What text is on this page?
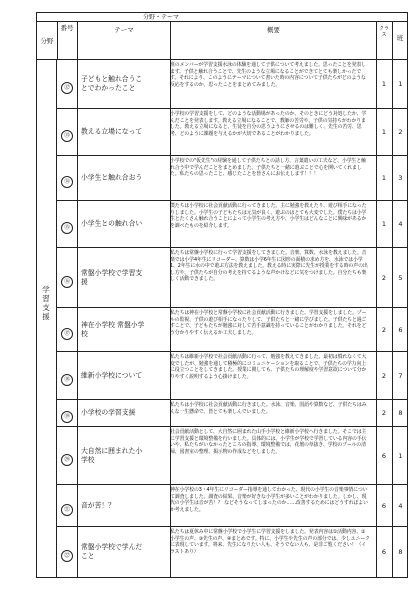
分野・テーマ
分野
番号	テーマ	概要	クラス	班
学習支援
⑫
子どもと触れ合うことでわかったこと
班のメンバーが学習支援水泳の体験を通して子供について考えました。思ったことを発表します。子供と触れ合うことで、先生のような立場になることができてとても楽しかったです。それにより、このようにテーマについて書いた時の内容について子供たちがどのような反応をするのか、思ったことをまとめてみました。	1	1
⑬
教える立場になって
小学校の学習支援をして、どのような活動場があったのか、そのときにどう対処したか、学んだことを発表します。教える立場になることで、教師の苦労や、子供の気持ちがわかりました。教える立場になると、生徒を自分の思うようにさせるのは難しく、先生の苦労、思考、どのように課題を与えるかが大切であることがわかりました。	1	2
⑭
小学生と触れ合おう
小学校での"仮先生"の経験を通して子供たちとの話し方、言葉遣いの工夫など、小学生と触れ合う中で学んだことをまとめました。子供たちと一緒に遊ぶことで心を開いてくれました。私たちの思ったこと、感じたことを皆さんにお伝えします！！！	1	3
⑮
小学生との触れ合い
僕たちは小学校に社会貢献活動に行ってきました。主に勉強を教えたり、遊び相手になったりしました。小学生の子どもたちは元気が良く、遊ぶのはとても大変でした。僕たちは小学生とたくさん触れ合うことによって小学生の考え方や、小学生はどんなことに興味があるかを調べたものを紹介します。	1	4
⑯
常盤小学校で学習支援
私たちは常盤小学校に行って学習支援をしてきました。音楽、算数、水泳を教えました。音楽では小学4年生にリコーダー、算数は小学6年生に図形の面積の求め方を、水泳では小学1、2年生に水の中で遊ぶ方法を教えました。教える時に実際に先生が授業をする時の声の出し方や、子供たちが自分の考えを持てるような声かけなどに気をつけました。自分たちも楽しく活動できました。	2	5
⑰
神在小学校 常盤小学校
私たちは神在小学校と常盤小学校に社会貢献活動に行きました。学習支援をしました。プールの監視、子供の遊び相手になったりして、子供たちと一緒に学びました。子供たちと過ごすことで、子どもたちが勉強に対して苦手意識を持っていることがわかりました。それをどう分かりやすく伝えるか工夫しました。	2	6
⑱
維新小学校について
私たちは維新小学校で社会貢献活動に行って、勉強を教えてきました。最初は慣れなくて大変でしたが、勉強を通して積極的にコミュニケーションを取ることで、子供たちの学力向上に役立つことをしてきました。授業に関しても、子供たちの理解度や学習意欲について分かりやすく説明するよう心掛けました。	2	7
⑲
小学校の学習支援
私たちは小学校に社会貢献活動に行きました。水泳、音楽、国語や算数など、子供たちはみんな一生懸命で、皆とても楽しんでいました。	2	8
⑳
大自然に囲まれた小学校
社会貢献活動として、大自然に囲まれた山手小学校と維新小学校へ行きました。そこでは主に学習支援と環境整備を行いました。具体的には、小学生が学校で学習している内容の手伝いや、私たちがいなかったところの指導、環境整備では、花壇の草抜き、学校のプールの清掃、図書室の整理、掲示物の作成などをしました。	6	1
㉑
音が苦！？
神在小学校の3・4年生にリコーダー指導を通してわかった、現代の小学生の音楽事情について調査しました。調査の結果、音楽が好きな小学生が多いことがわかりました。しかし、現代の小学生は音が苦！？ などそうなってしまったのか……改善するためにはどうすればよいか考えました。	6	4
㉒
常盤小学校で学んだこと
私たちは夏休み中に常盤小学校で小学生に学習支援をしました。発表内容は①活動内容、②小学生の声、③先生の声、④まとめです。特に、小学生や先生の声の部分では、少しユニークに表現しています。将来、先生になりたい人も、そうでない人も、是非ご覧ください！（イラストあり）	6	8
